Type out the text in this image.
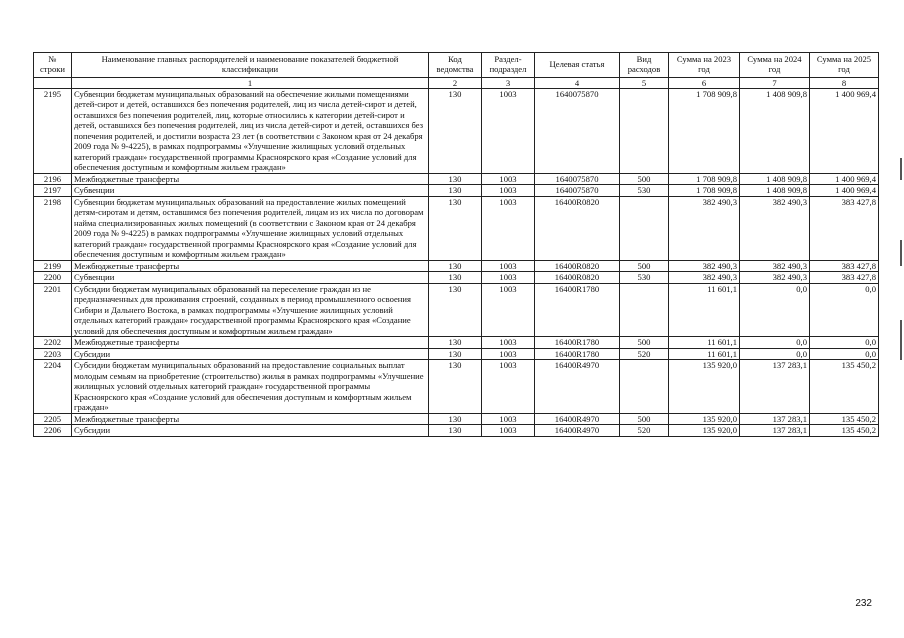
№ строки	Наименование главных распорядителей и наименование показателей бюджетной классификации	Код ведомства	Раздел-подраздел	Целевая статья	Вид расходов	Сумма на 2023 год	Сумма на 2024 год	Сумма на 2025 год
	1	2	3	4	5	6	7	8
2195	Субвенции бюджетам муниципальных образований на обеспечение жилыми помещениями детей-сирот и детей, оставшихся без попечения родителей, лиц из числа детей-сирот и детей, оставшихся без попечения родителей, лиц, которые относились к категории детей-сирот и детей, оставшихся без попечения родителей, лиц из числа детей-сирот и детей, оставшихся без попечения родителей, и достигли возраста 23 лет (в соответствии с Законом края от 24 декабря 2009 года № 9-4225), в рамках подпрограммы «Улучшение жилищных условий отдельных категорий граждан» государственной программы Красноярского края «Создание условий для обеспечения доступным и комфортным жильем граждан»	130	1003	1640075870		1 708 909,8	1 408 909,8	1 400 969,4
2196	Межбюджетные трансферты	130	1003	1640075870	500	1 708 909,8	1 408 909,8	1 400 969,4
2197	Субвенции	130	1003	1640075870	530	1 708 909,8	1 408 909,8	1 400 969,4
2198	Субвенции бюджетам муниципальных образований на предоставление жилых помещений детям-сиротам и детям, оставшимся без попечения родителей, лицам из их числа по договорам найма специализированных жилых помещений (в соответствии с Законом края от 24 декабря 2009 года № 9-4225) в рамках подпрограммы «Улучшение жилищных условий отдельных категорий граждан» государственной программы Красноярского края «Создание условий для обеспечения доступным и комфортным жильем граждан»	130	1003	16400R0820		382 490,3	382 490,3	383 427,8
2199	Межбюджетные трансферты	130	1003	16400R0820	500	382 490,3	382 490,3	383 427,8
2200	Субвенции	130	1003	16400R0820	530	382 490,3	382 490,3	383 427,8
2201	Субсидии бюджетам муниципальных образований на переселение граждан из не предназначенных для проживания строений, созданных в период промышленного освоения Сибири и Дальнего Востока, в рамках подпрограммы «Улучшение жилищных условий отдельных категорий граждан» государственной программы Красноярского края «Создание условий для обеспечения доступным и комфортным жильем граждан»	130	1003	16400R1780		11 601,1	0,0	0,0
2202	Межбюджетные трансферты	130	1003	16400R1780	500	11 601,1	0,0	0,0
2203	Субсидии	130	1003	16400R1780	520	11 601,1	0,0	0,0
2204	Субсидии бюджетам муниципальных образований на предоставление социальных выплат молодым семьям на приобретение (строительство) жилья в рамках подпрограммы «Улучшение жилищных условий отдельных категорий граждан» государственной программы Красноярского края «Создание условий для обеспечения доступным и комфортным жильем граждан»	130	1003	16400R4970		135 920,0	137 283,1	135 450,2
2205	Межбюджетные трансферты	130	1003	16400R4970	500	135 920,0	137 283,1	135 450,2
2206	Субсидии	130	1003	16400R4970	520	135 920,0	137 283,1	135 450,2
232
